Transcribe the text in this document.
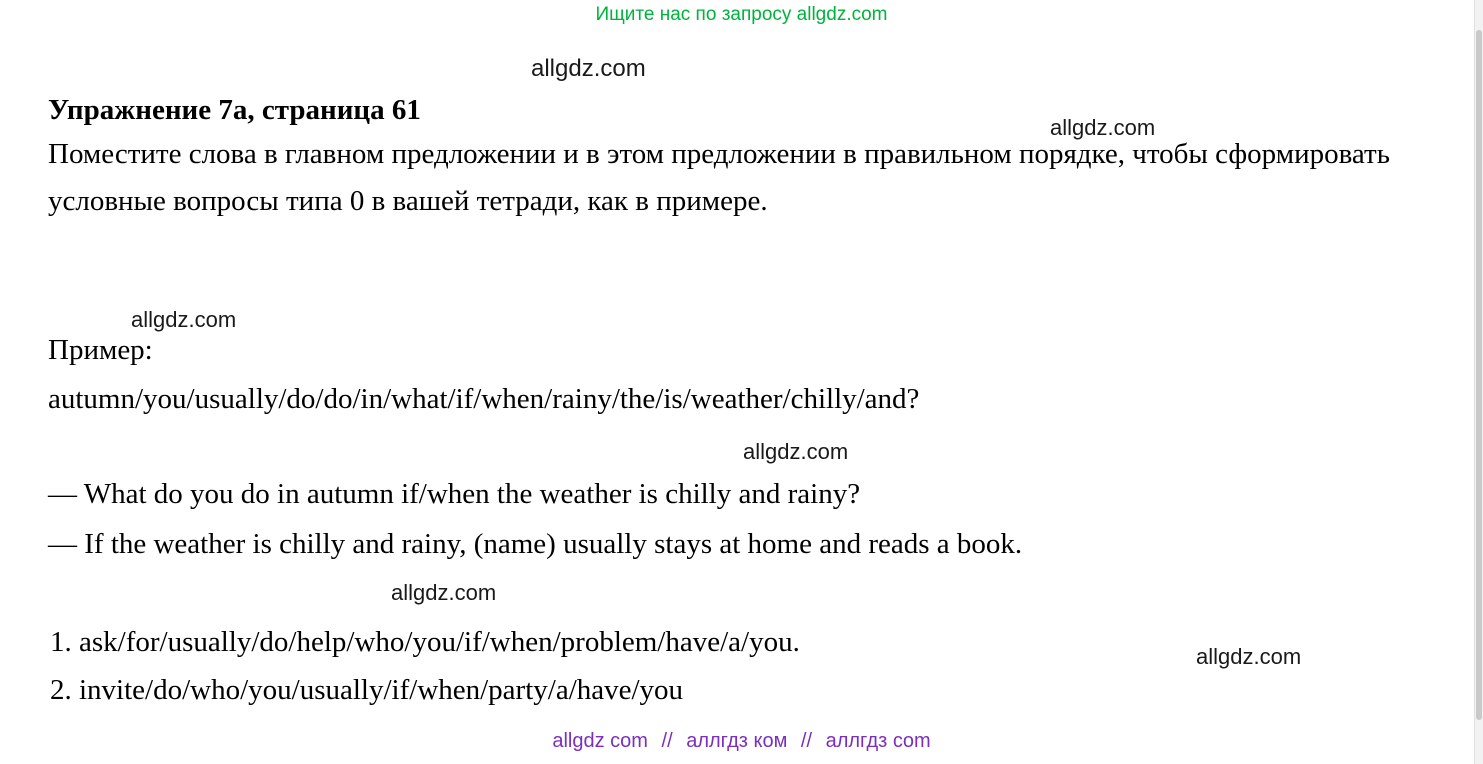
Ищите нас по запросу allgdz.com
allgdz.com
allgdz.com
allgdz.com
allgdz.com
allgdz.com
allgdz.com
Упражнение 7a, страница 61

Поместите слова в главном предложении и в этом предложении в правильном порядке, чтобы сформировать условные вопросы типа 0 в вашей тетради, как в примере.

Пример:
autumn/you/usually/do/do/in/what/if/when/rainy/the/is/weather/chilly/and?
— What do you do in autumn if/when the weather is chilly and rainy?
— If the weather is chilly and rainy, (name) usually stays at home and reads a book.
1. ask/for/usually/do/help/who/you/if/when/problem/have/a/you.
2. invite/do/who/you/usually/if/when/party/a/have/you
allgdz com // аллгдз ком // аллгдз com
